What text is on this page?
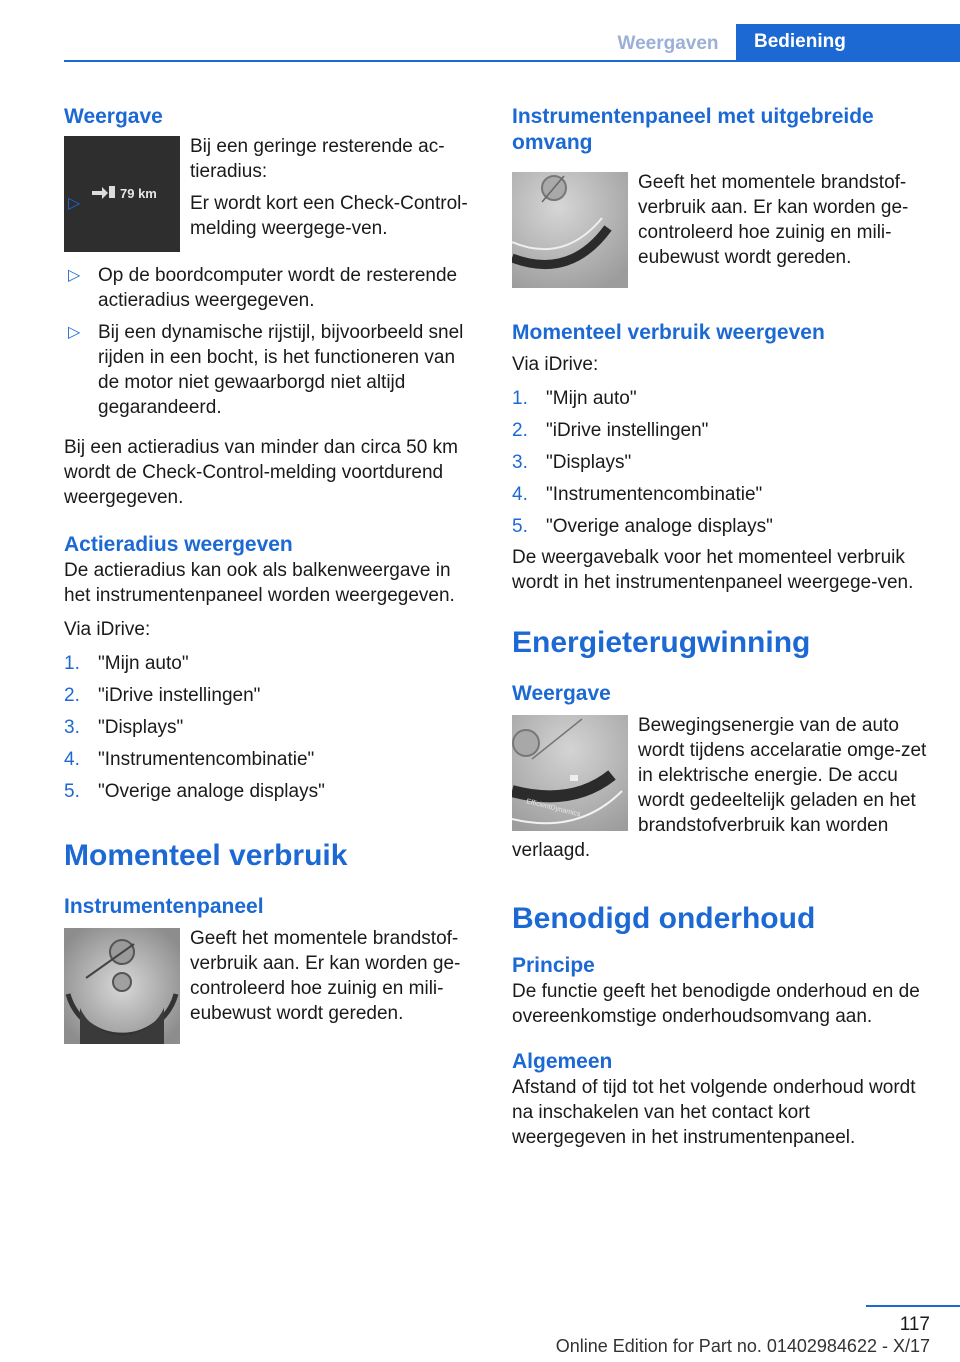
Weergaven	Bediening
Weergave
79 km

Bij een geringe resterende ac-tieradius:

▷	Er wordt kort een Check-Control-melding weergege-ven.
▷ Op de boordcomputer wordt de resterende actieradius weergegeven.
▷ Bij een dynamische rijstijl, bijvoorbeeld snel rijden in een bocht, is het functioneren van de motor niet gewaarborgd niet altijd gegarandeerd.

Bij een actieradius van minder dan circa 50 km wordt de Check-Control-melding voortdurend weergegeven.

Actieradius weergeven

De actieradius kan ook als balkenweergave in het instrumentenpaneel worden weergegeven.

Via iDrive:

1. "Mijn auto"
2. "iDrive instellingen"
3. "Displays"
4. "Instrumentencombinatie"
5. "Overige analoge displays"
Momenteel verbruik
Instrumentenpaneel

Geeft het momentele brandstof-verbruik aan. Er kan worden ge-controleerd hoe zuinig en mili-eubewust wordt gereden.

Instrumentenpaneel met uitgebreide omvang

Geeft het momentele brandstof-verbruik aan. Er kan worden ge-controleerd hoe zuinig en mili-eubewust wordt gereden.

Momenteel verbruik weergeven

Via iDrive:

1. "Mijn auto"
2. "iDrive instellingen"
3. "Displays"
4. "Instrumentencombinatie"
5. "Overige analoge displays"

De weergavebalk voor het momenteel verbruik wordt in het instrumentenpaneel weergege-ven.

Energieterugwinning
Weergave
EfficientDynamics

Bewegingsenergie van de auto wordt tijdens accelaratie omge-zet in elektrische energie. De accu wordt gedeeltelijk geladen en het brandstofverbruik kan worden verlaagd.

Benodigd onderhoud
Principe

De functie geeft het benodigde onderhoud en de overeenkomstige onderhoudsomvang aan.

Algemeen

Afstand of tijd tot het volgende onderhoud wordt na inschakelen van het contact kort weergegeven in het instrumentenpaneel.

117
Online Edition for Part no. 01402984622 - X/17
